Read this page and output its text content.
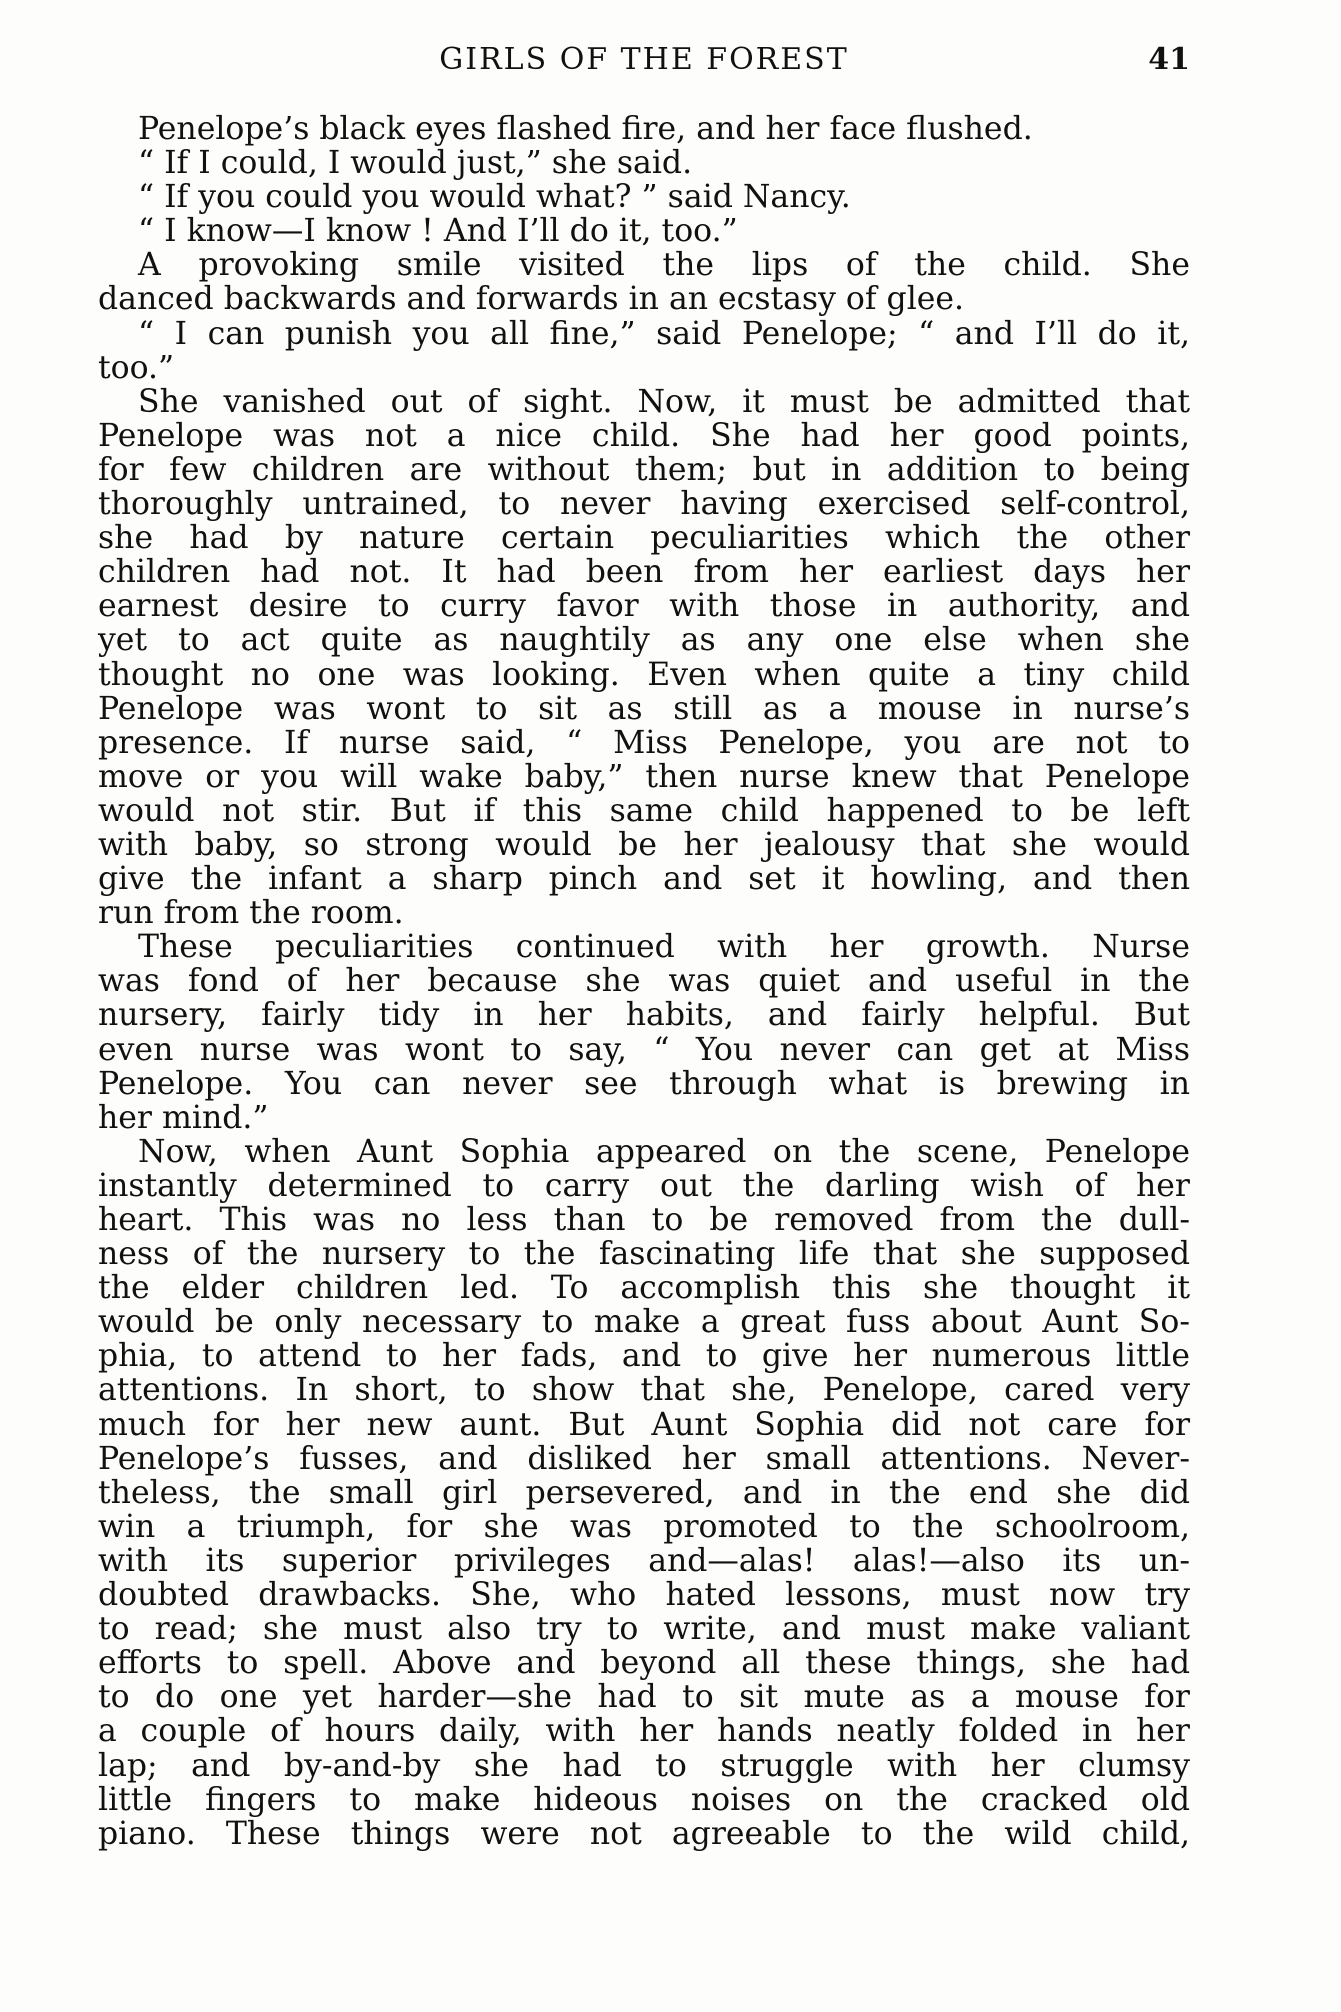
GIRLS OF THE FOREST	41
Penelope’s black eyes flashed fire, and her face flushed.
“ If I could, I would just,” she said.
“ If you could you would what? ” said Nancy.
“ I know—I know ! And I’ll do it, too.”
A provoking smile visited the lips of the child. She
danced backwards and forwards in an ecstasy of glee.
“ I can punish you all fine,” said Penelope; “ and I’ll do it,
too.”
She vanished out of sight. Now, it must be admitted that
Penelope was not a nice child. She had her good points,
for few children are without them; but in addition to being
thoroughly untrained, to never having exercised self-control,
she had by nature certain peculiarities which the other
children had not. It had been from her earliest days her
earnest desire to curry favor with those in authority, and
yet to act quite as naughtily as any one else when she
thought no one was looking. Even when quite a tiny child
Penelope was wont to sit as still as a mouse in nurse’s
presence. If nurse said, “ Miss Penelope, you are not to
move or you will wake baby,” then nurse knew that Penelope
would not stir. But if this same child happened to be left
with baby, so strong would be her jealousy that she would
give the infant a sharp pinch and set it howling, and then
run from the room.
These peculiarities continued with her growth. Nurse
was fond of her because she was quiet and useful in the
nursery, fairly tidy in her habits, and fairly helpful. But
even nurse was wont to say, “ You never can get at Miss
Penelope. You can never see through what is brewing in
her mind.”
Now, when Aunt Sophia appeared on the scene, Penelope
instantly determined to carry out the darling wish of her
heart. This was no less than to be removed from the dull-
ness of the nursery to the fascinating life that she supposed
the elder children led. To accomplish this she thought it
would be only necessary to make a great fuss about Aunt So-
phia, to attend to her fads, and to give her numerous little
attentions. In short, to show that she, Penelope, cared very
much for her new aunt. But Aunt Sophia did not care for
Penelope’s fusses, and disliked her small attentions. Never-
theless, the small girl persevered, and in the end she did
win a triumph, for she was promoted to the schoolroom,
with its superior privileges and—alas! alas!—also its un-
doubted drawbacks. She, who hated lessons, must now try
to read; she must also try to write, and must make valiant
efforts to spell. Above and beyond all these things, she had
to do one yet harder—she had to sit mute as a mouse for
a couple of hours daily, with her hands neatly folded in her
lap; and by-and-by she had to struggle with her clumsy
little fingers to make hideous noises on the cracked old
piano. These things were not agreeable to the wild child,
